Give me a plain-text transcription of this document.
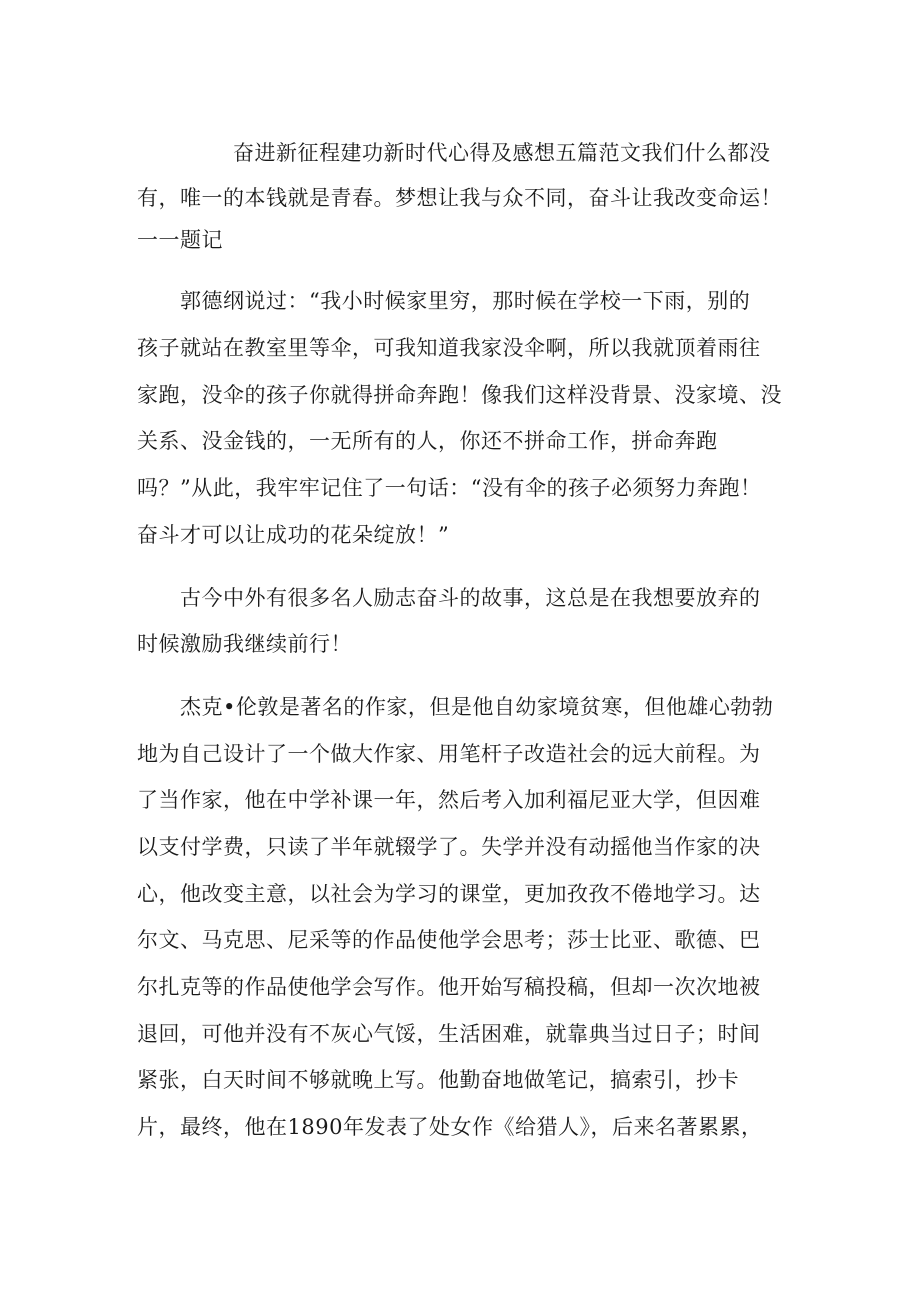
奋进新征程建功新时代心得及感想五篇范文我们什么都没
有，唯一的本钱就是青春。梦想让我与众不同，奋斗让我改变命运！
一一题记
郭德纲说过：“我小时候家里穷，那时候在学校一下雨，别的
孩子就站在教室里等伞，可我知道我家没伞啊，所以我就顶着雨往
家跑，没伞的孩子你就得拼命奔跑！像我们这样没背景、没家境、没
关系、没金钱的，一无所有的人，你还不拼命工作，拼命奔跑
吗？”从此，我牢牢记住了一句话：“没有伞的孩子必须努力奔跑！
奋斗才可以让成功的花朵绽放！”
古今中外有很多名人励志奋斗的故事，这总是在我想要放弃的
时候激励我继续前行！
杰克•伦敦是著名的作家，但是他自幼家境贫寒，但他雄心勃勃
地为自己设计了一个做大作家、用笔杆子改造社会的远大前程。为
了当作家，他在中学补课一年，然后考入加利福尼亚大学，但因难
以支付学费，只读了半年就辍学了。失学并没有动摇他当作家的决
心，他改变主意，以社会为学习的课堂，更加孜孜不倦地学习。达
尔文、马克思、尼采等的作品使他学会思考；莎士比亚、歌德、巴
尔扎克等的作品使他学会写作。他开始写稿投稿，但却一次次地被
退回，可他并没有不灰心气馁，生活困难，就靠典当过日子；时间
紧张，白天时间不够就晚上写。他勤奋地做笔记，搞索引，抄卡
片，最终，他在1890年发表了处女作《给猎人》，后来名著累累，
